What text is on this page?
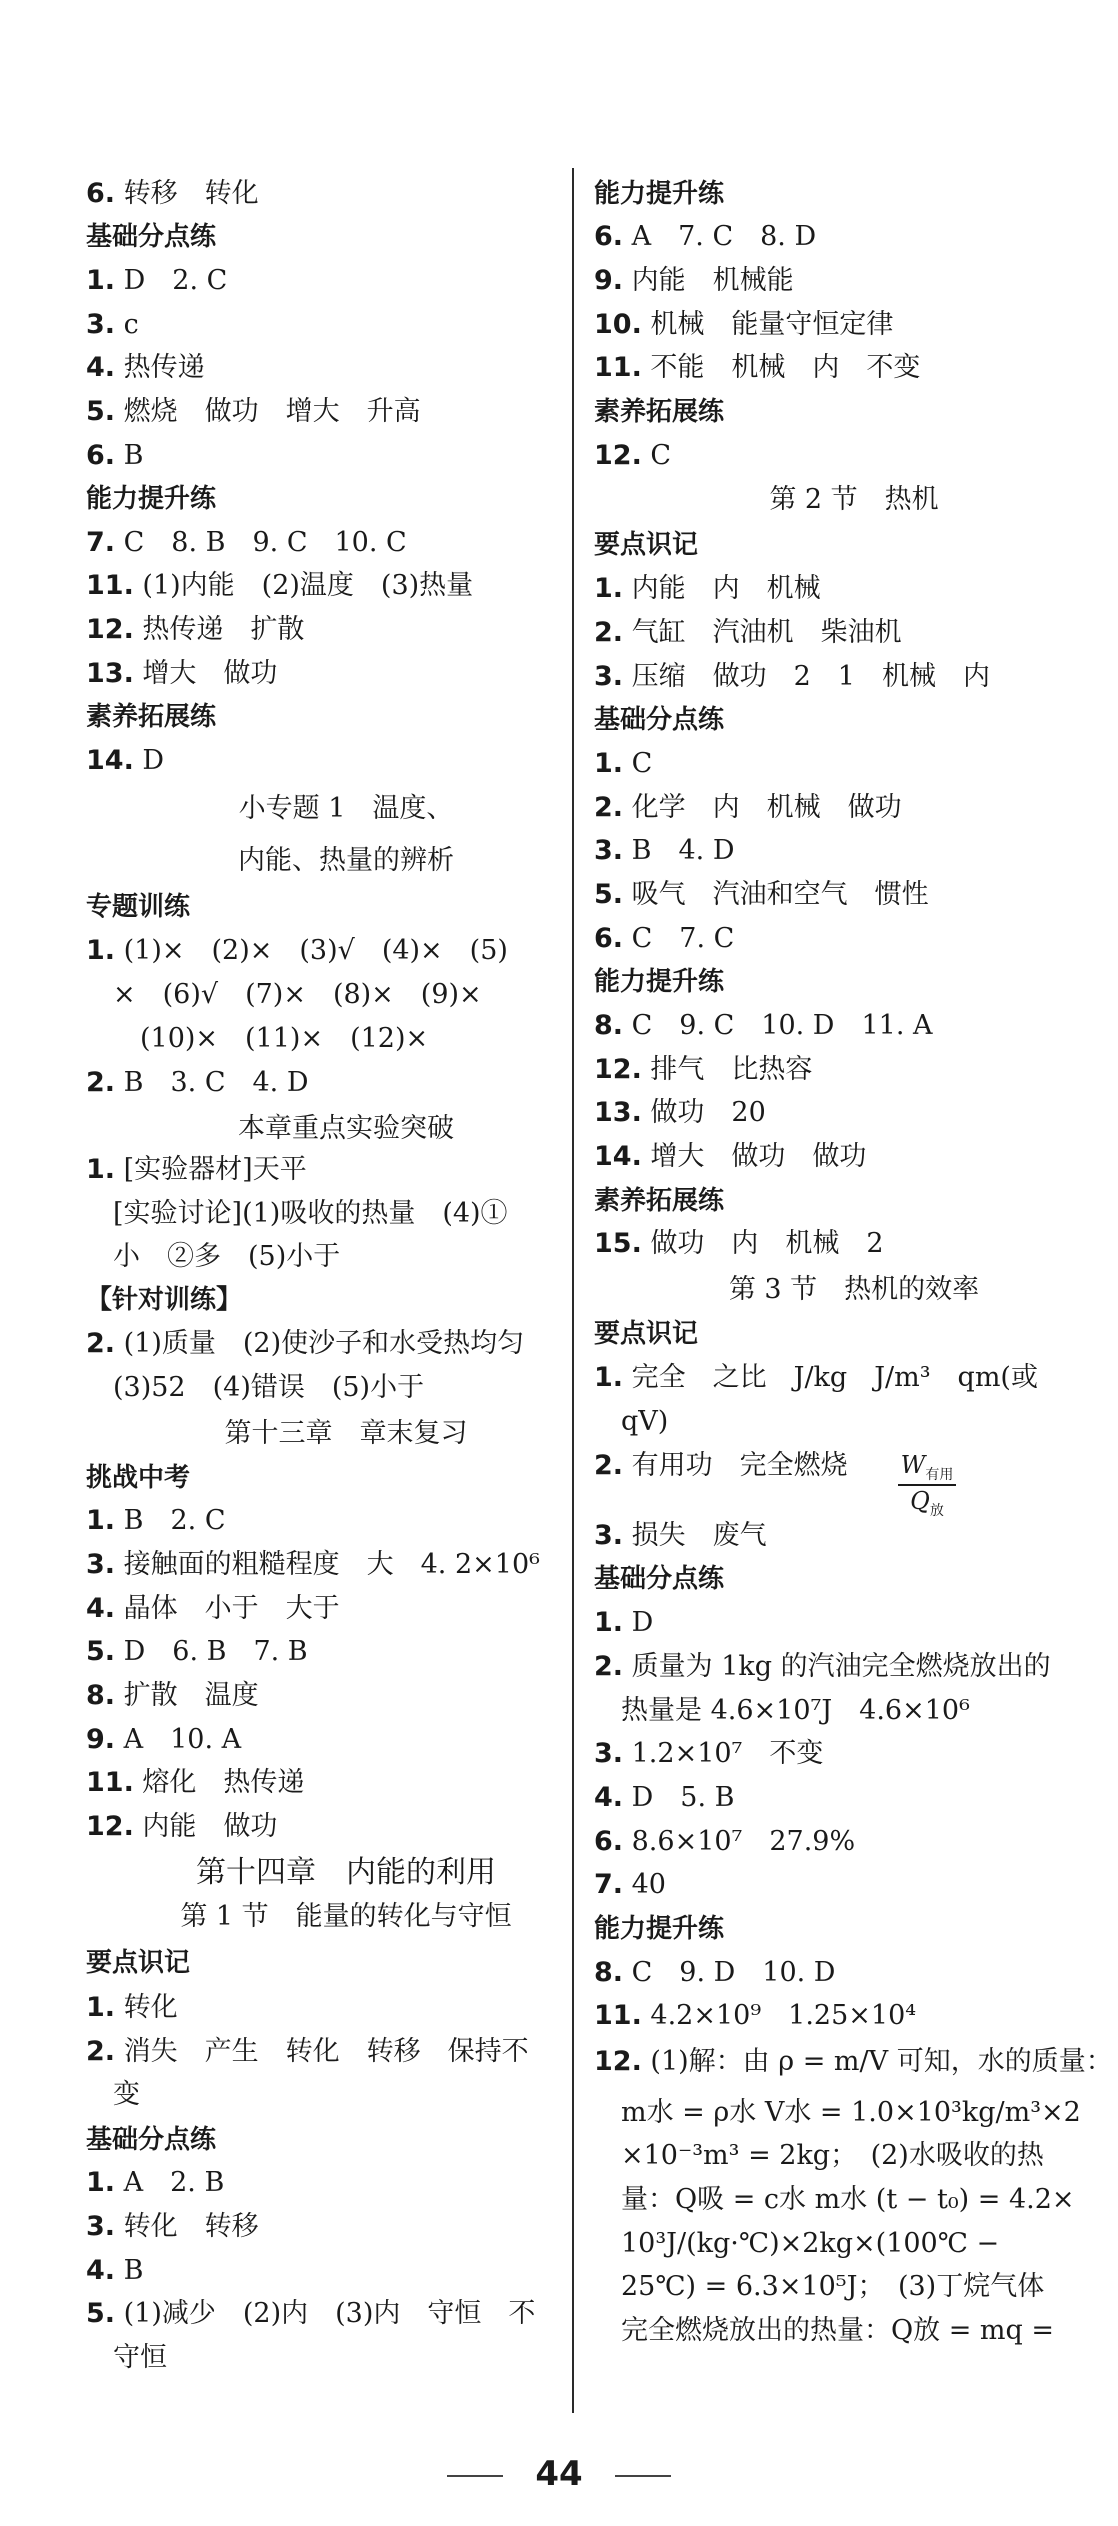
6. 转移　转化
基础分点练
1. D　2. C
3. c
4. 热传递
5. 燃烧　做功　增大　升高
6. B
能力提升练
7. C　8. B　9. C　10. C
11. (1)内能　(2)温度　(3)热量
12. 热传递　扩散
13. 增大　做功
素养拓展练
14. D
小专题 1　温度、
内能、热量的辨析
专题训练
1. (1)×　(2)×　(3)√　(4)×　(5)
　×　(6)√　(7)×　(8)×　(9)×
　　(10)×　(11)×　(12)×
2. B　3. C　4. D
本章重点实验突破
1. [实验器材]天平
　[实验讨论](1)吸收的热量　(4)①
　小　②多　(5)小于
【针对训练】
2. (1)质量　(2)使沙子和水受热均匀
　(3)52　(4)错误　(5)小于
第十三章　章末复习
挑战中考
1. B　2. C
3. 接触面的粗糙程度　大　4. 2×10⁶
4. 晶体　小于　大于
5. D　6. B　7. B
8. 扩散　温度
9. A　10. A
11. 熔化　热传递
12. 内能　做功
第十四章　内能的利用
第 1 节　能量的转化与守恒
要点识记
1. 转化
2. 消失　产生　转化　转移　保持不
　变
基础分点练
1. A　2. B
3. 转化　转移
4. B
5. (1)减少　(2)内　(3)内　守恒　不
　守恒
能力提升练
6. A　7. C　8. D
9. 内能　机械能
10. 机械　能量守恒定律
11. 不能　机械　内　不变
素养拓展练
12. C
第 2 节　热机
要点识记
1. 内能　内　机械
2. 气缸　汽油机　柴油机
3. 压缩　做功　2　1　机械　内
基础分点练
1. C
2. 化学　内　机械　做功
3. B　4. D
5. 吸气　汽油和空气　惯性
6. C　7. C
能力提升练
8. C　9. C　10. D　11. A
12. 排气　比热容
13. 做功　20
14. 增大　做功　做功
素养拓展练
15. 做功　内　机械　2
第 3 节　热机的效率
要点识记
1. 完全　之比　J/kg　J/m³　qm(或
　qV)
2. 有用功　完全燃烧	$W_{有用}$
$Q_放$
3. 损失　废气
基础分点练
1. D
2. 质量为 1kg 的汽油完全燃烧放出的
　热量是 4.6×10⁷J　4.6×10⁶
3. 1.2×10⁷　不变
4. D　5. B
6. 8.6×10⁷　27.9%
7. 40
能力提升练
8. C　9. D　10. D
11. 4.2×10⁹　1.25×10⁴
12. (1)解：由 ρ = m/V 可知，水的质量：
　m水 = ρ水 V水 = 1.0×10³kg/m³×2
　×10⁻³m³ = 2kg；　(2)水吸收的热
　量：Q吸 = c水 m水 (t − t₀) = 4.2×
　10³J/(kg·℃)×2kg×(100℃ −
　25℃) = 6.3×10⁵J；　(3)丁烷气体
　完全燃烧放出的热量：Q放 = mq =
44
